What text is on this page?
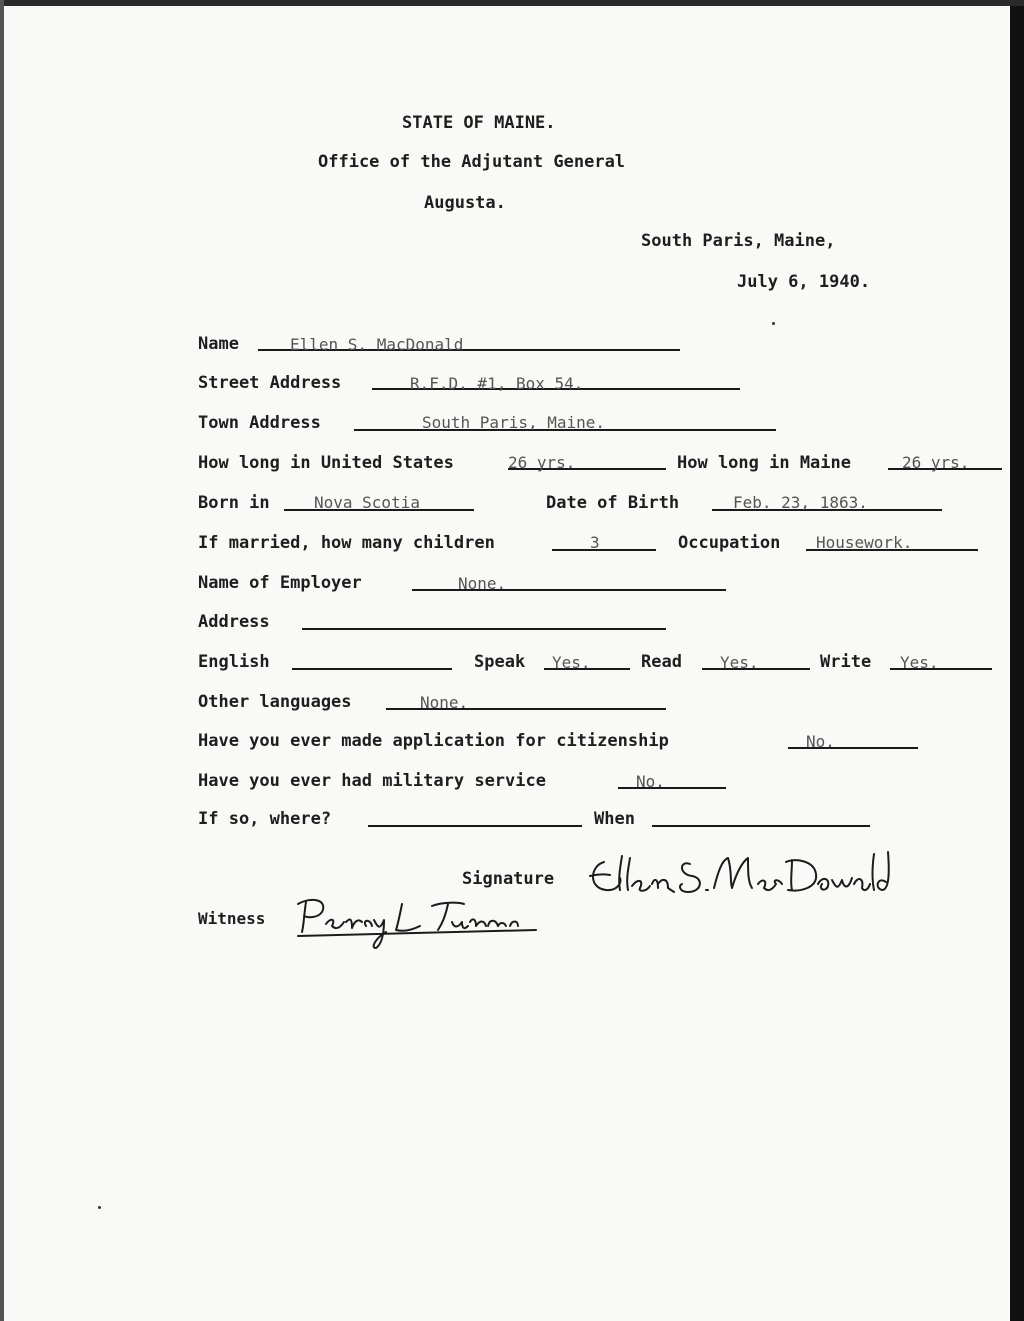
STATE OF MAINE.
Office of the Adjutant General
Augusta.
South Paris, Maine,
July 6, 1940.
Name	Ellen S. MacDonald
Street Address	R.F.D. #1, Box 54.
Town Address	South Paris, Maine.
How long in United States	26 yrs.	How long in Maine	26 yrs.
Born in	Nova Scotia	Date of Birth	Feb. 23, 1863.
If married, how many children	3	Occupation Housework.
Name of Employer	None.
Address
English	Speak Yes.	Read Yes.	Write Yes.
Other languages	None.
Have you ever made application for citizenship	No.
Have you ever had military service	No.
If so, where?	When
Signature
Witness
